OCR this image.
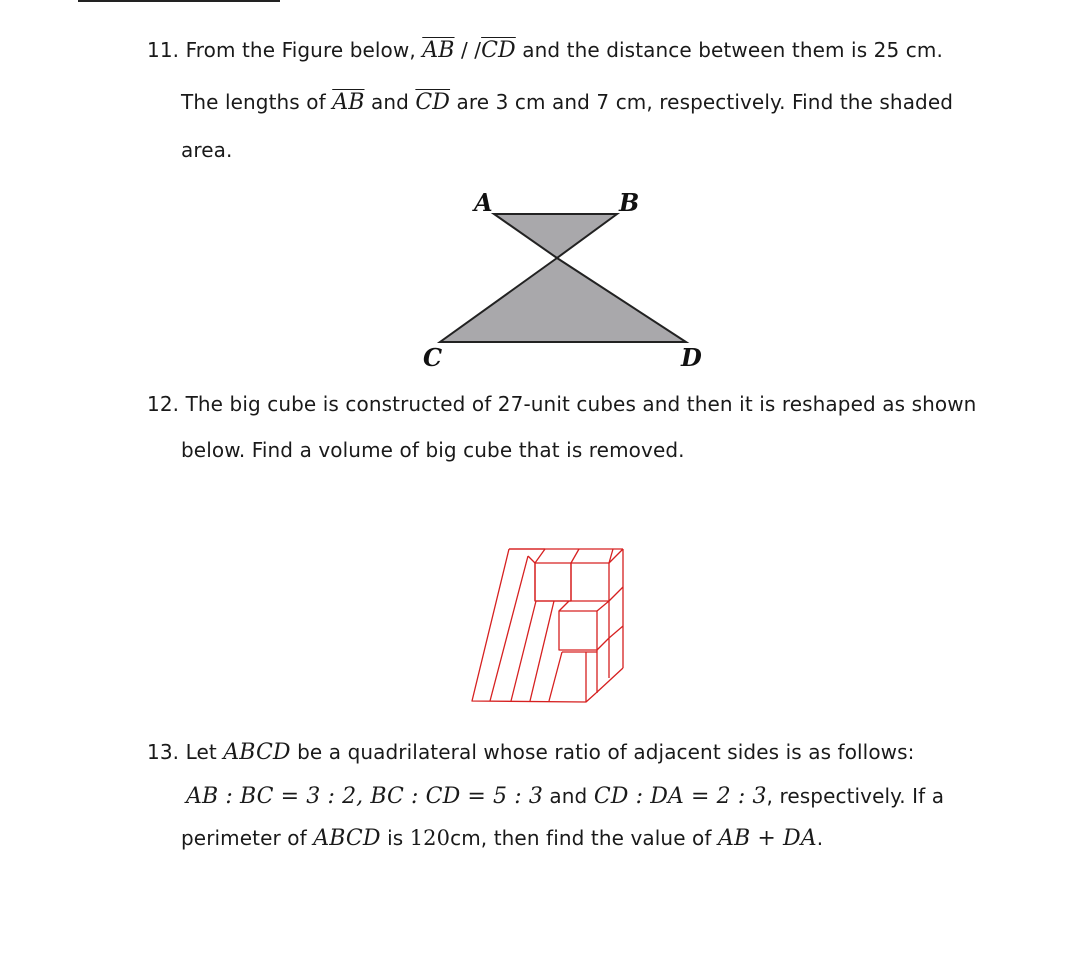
11. From the Figure below, $\overline{AB} / /\overline{CD}$ and the distance between them is 25 cm.
The lengths of $\overline{AB}$ and $\overline{CD}$ are 3 cm and 7 cm, respectively. Find the shaded
area.
A	B
C	D
12. The big cube is constructed of 27-unit cubes and then it is reshaped as shown
below. Find a volume of big cube that is removed.
13. Let ABCD be a quadrilateral whose ratio of adjacent sides is as follows:
AB : BC = 3 : 2, BC : CD = 5 : 3 and CD : DA = 2 : 3, respectively. If a
perimeter of ABCD is 120cm, then find the value of AB + DA.
